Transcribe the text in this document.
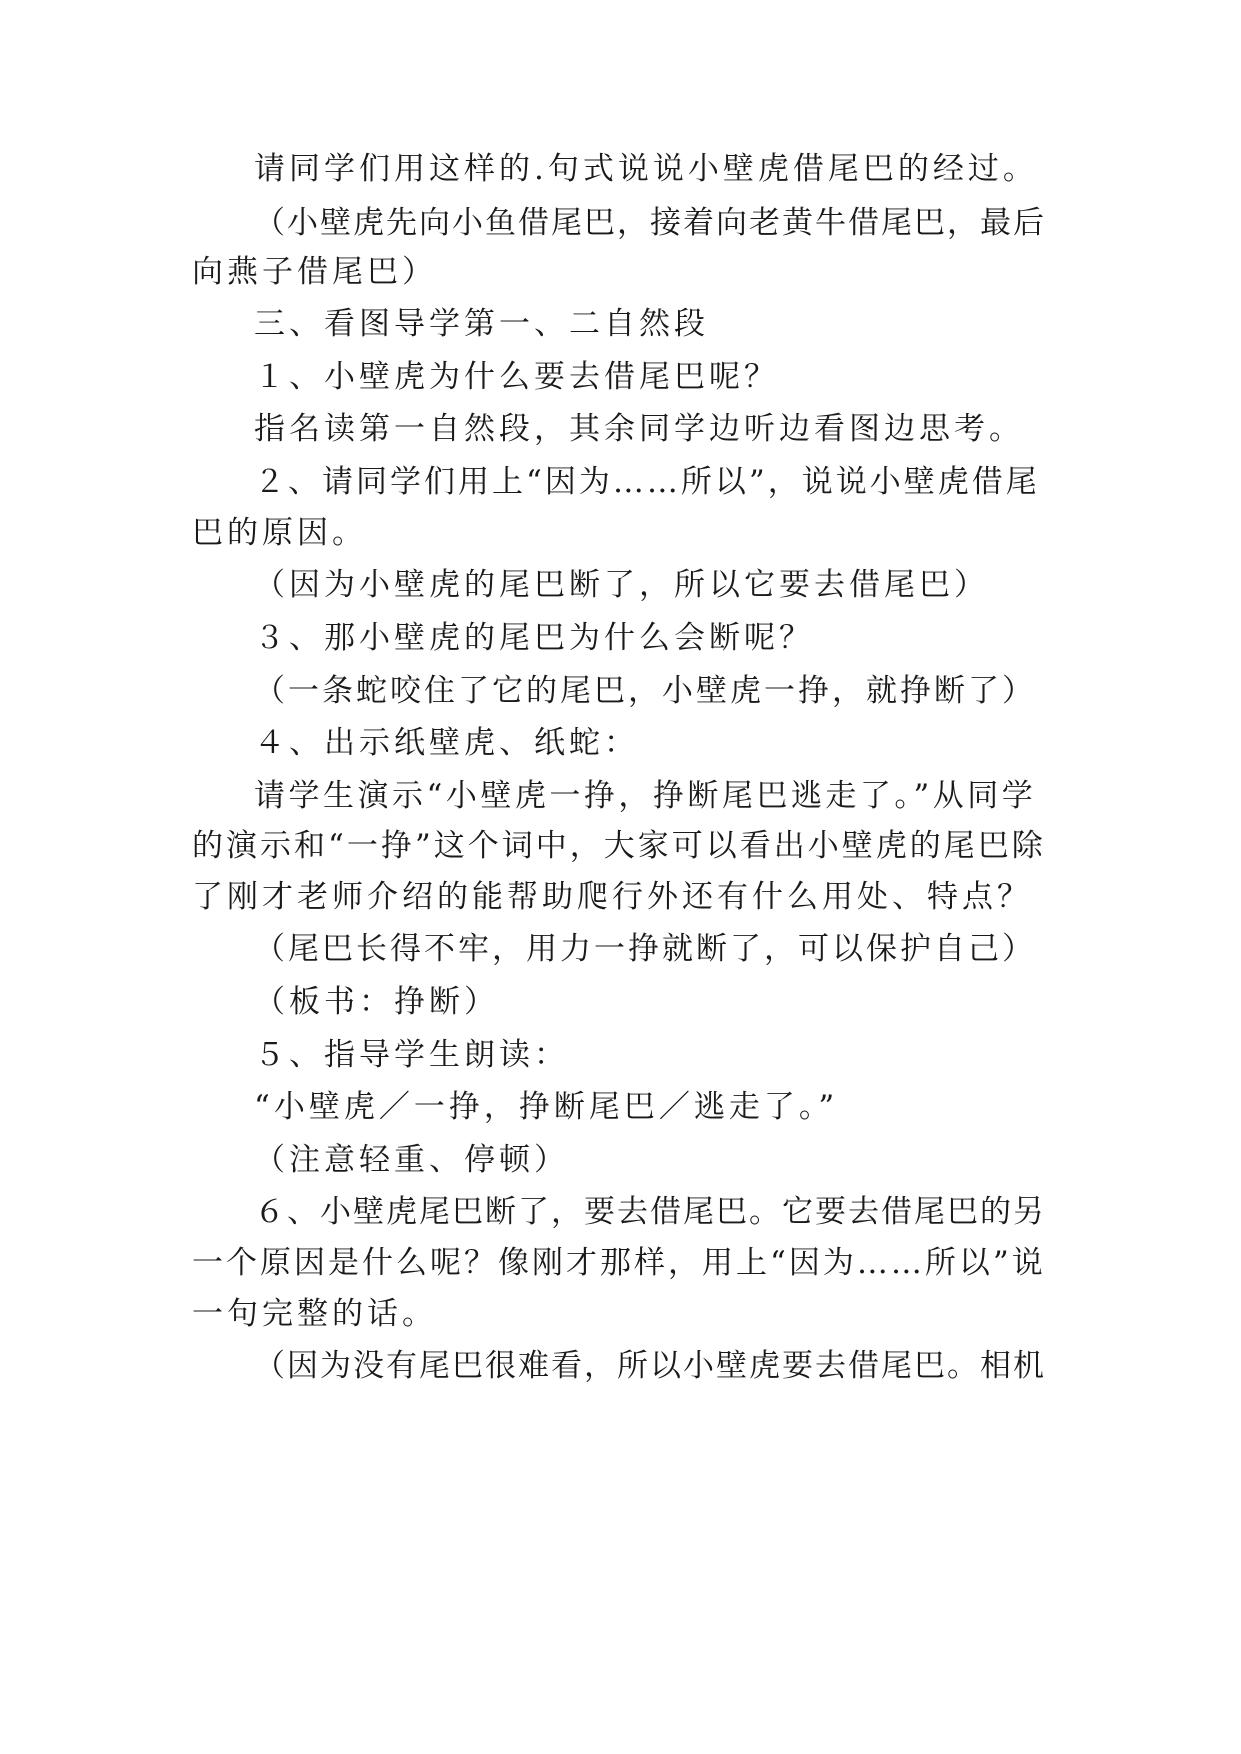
请同学们用这样的.句式说说小壁虎借尾巴的经过。
（小壁虎先向小鱼借尾巴，接着向老黄牛借尾巴，最后
向燕子借尾巴）
三、看图导学第一、二自然段
１、小壁虎为什么要去借尾巴呢？
指名读第一自然段，其余同学边听边看图边思考。
２、请同学们用上“因为……所以”，说说小壁虎借尾
巴的原因。
（因为小壁虎的尾巴断了，所以它要去借尾巴）
３、那小壁虎的尾巴为什么会断呢？
（一条蛇咬住了它的尾巴，小壁虎一挣，就挣断了）
４、出示纸壁虎、纸蛇：
请学生演示“小壁虎一挣，挣断尾巴逃走了。”从同学
的演示和“一挣”这个词中，大家可以看出小壁虎的尾巴除
了刚才老师介绍的能帮助爬行外还有什么用处、特点？
（尾巴长得不牢，用力一挣就断了，可以保护自己）
（板书：挣断）
５、指导学生朗读：
“小壁虎／一挣，挣断尾巴／逃走了。”
（注意轻重、停顿）
６、小壁虎尾巴断了，要去借尾巴。它要去借尾巴的另
一个原因是什么呢？像刚才那样，用上“因为……所以”说
一句完整的话。
（因为没有尾巴很难看，所以小壁虎要去借尾巴。相机
